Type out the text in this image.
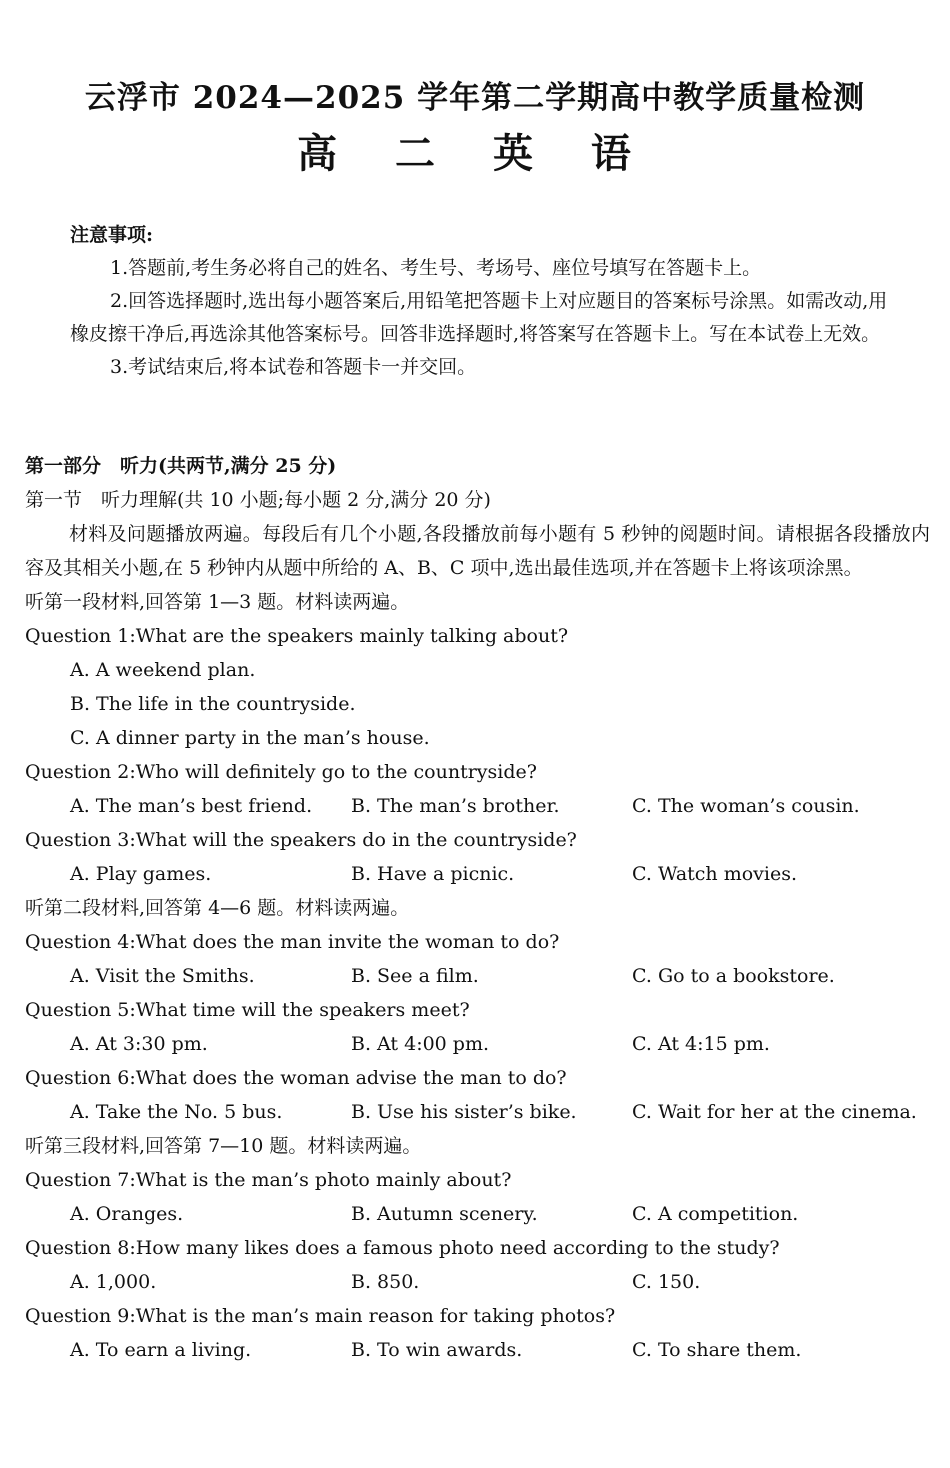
云浮市 2024—2025 学年第二学期高中教学质量检测
高 二 英 语
注意事项:
1.答题前,考生务必将自己的姓名、考生号、考场号、座位号填写在答题卡上。
2.回答选择题时,选出每小题答案后,用铅笔把答题卡上对应题目的答案标号涂黑。如需改动,用橡皮擦干净后,再选涂其他答案标号。回答非选择题时,将答案写在答题卡上。写在本试卷上无效。
3.考试结束后,将本试卷和答题卡一并交回。
第一部分　听力(共两节,满分 25 分)
第一节　听力理解(共 10 小题;每小题 2 分,满分 20 分)
材料及问题播放两遍。每段后有几个小题,各段播放前每小题有 5 秒钟的阅题时间。请根据各段播放内容及其相关小题,在 5 秒钟内从题中所给的 A、B、C 项中,选出最佳选项,并在答题卡上将该项涂黑。
听第一段材料,回答第 1—3 题。材料读两遍。
Question 1:What are the speakers mainly talking about?
A. A weekend plan.
B. The life in the countryside.
C. A dinner party in the man’s house.
Question 2:Who will definitely go to the countryside?
A. The man’s best friend. B. The man’s brother.	C. The woman’s cousin.
Question 3:What will the speakers do in the countryside?
A. Play games.	B. Have a picnic.	C. Watch movies.
听第二段材料,回答第 4—6 题。材料读两遍。
Question 4:What does the man invite the woman to do?
A. Visit the Smiths.	B. See a film.	C. Go to a bookstore.
Question 5:What time will the speakers meet?
A. At 3:30 pm.	B. At 4:00 pm.	C. At 4:15 pm.
Question 6:What does the woman advise the man to do?
A. Take the No. 5 bus.	B. Use his sister’s bike.	C. Wait for her at the cinema.
听第三段材料,回答第 7—10 题。材料读两遍。
Question 7:What is the man’s photo mainly about?
A. Oranges.	B. Autumn scenery.	C. A competition.
Question 8:How many likes does a famous photo need according to the study?
A. 1,000.	B. 850.	C. 150.
Question 9:What is the man’s main reason for taking photos?
A. To earn a living.	B. To win awards.	C. To share them.
